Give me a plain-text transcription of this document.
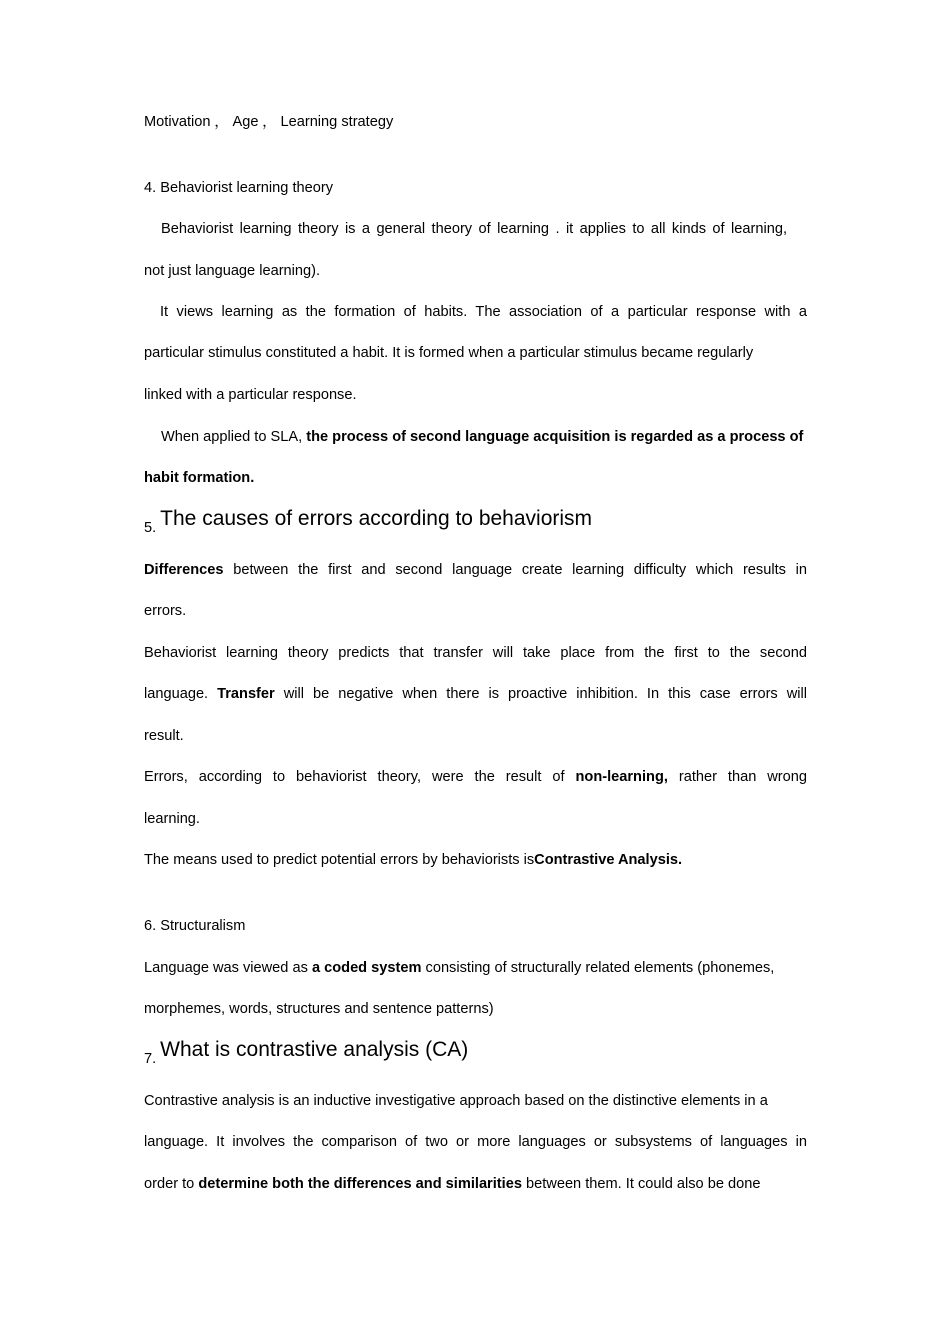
Motivation ， Age ， Learning strategy
4. Behaviorist learning theory
Behaviorist learning theory is a general theory of learning . it applies to all kinds of learning,
not just language learning).
It views learning as the formation of habits. The association of a particular response with a
particular stimulus constituted a habit. It is formed when a particular stimulus became regularly
linked with a particular response.
When applied to SLA, the process of second language acquisition is regarded as a process of
habit formation.
5. The causes of errors according to behaviorism
Differences between the first and second language create learning difficulty which results in
errors.
Behaviorist learning theory predicts that transfer will take place from the first to the second
language. Transfer will be negative when there is proactive inhibition. In this case errors will
result.
Errors, according to behaviorist theory, were the result of non-learning, rather than wrong
learning.
The means used to predict potential errors by behaviorists isContrastive Analysis.
6. Structuralism
Language was viewed as a coded system consisting of structurally related elements (phonemes,
morphemes, words, structures and sentence patterns)
7. What is contrastive analysis (CA)
Contrastive analysis is an inductive investigative approach based on the distinctive elements in a
language. It involves the comparison of two or more languages or subsystems of languages in
order to determine both the differences and similarities between them. It could also be done
